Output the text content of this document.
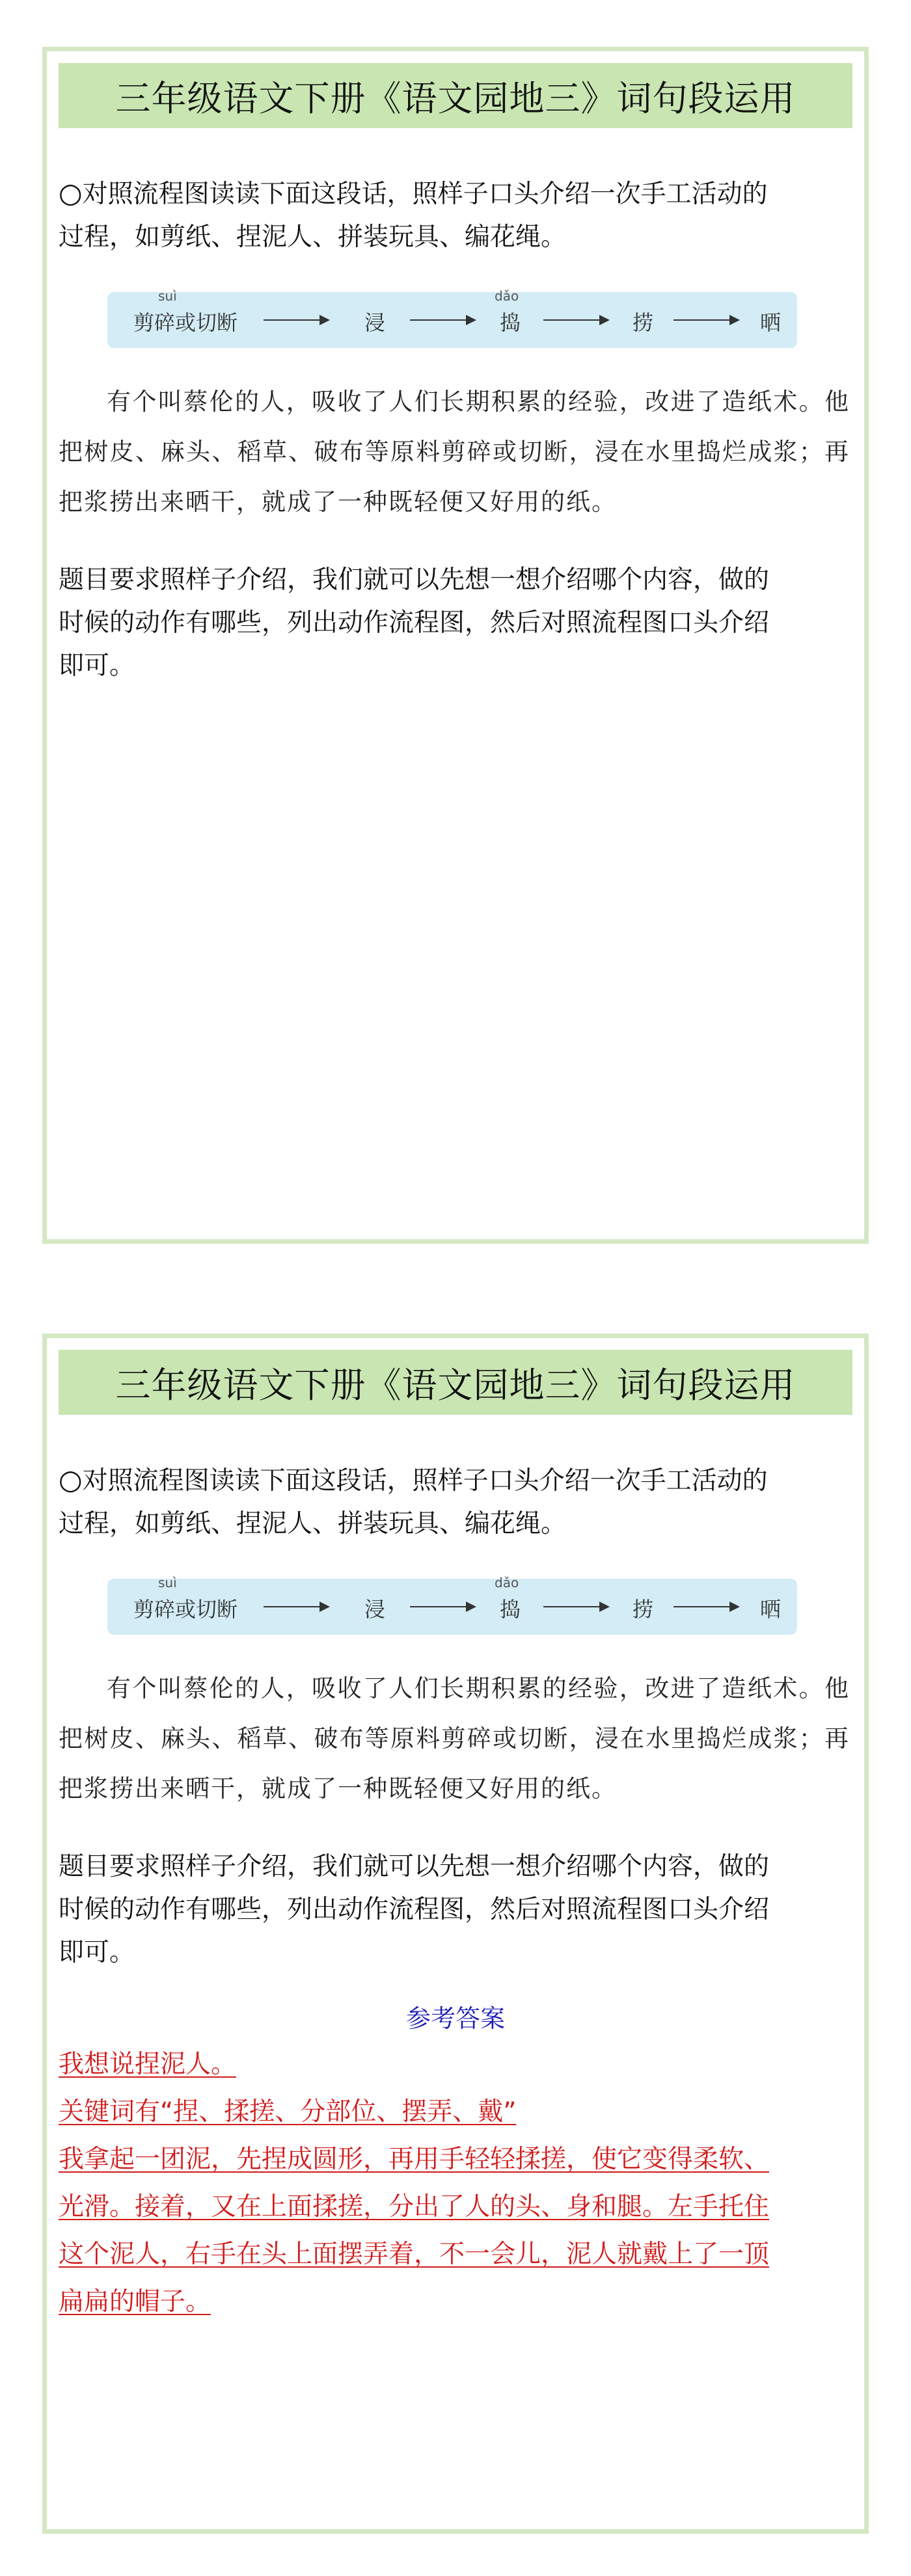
三年级语文下册《语文园地三》词句段运用

○对照流程图读读下面这段话，照样子口头介绍一次手工活动的
过程，如剪纸、捏泥人、拼装玩具、编花绳。

suì
剪碎或切断	浸
dǎo
捣	捞	晒

有个叫蔡伦的人，吸收了人们长期积累的经验，改进了造纸术。他把树皮、麻头、稻草、破布等原料剪碎或切断，浸在水里捣烂成浆；再把浆捞出来晒干，就成了一种既轻便又好用的纸。

题目要求照样子介绍，我们就可以先想一想介绍哪个内容，做的
时候的动作有哪些，列出动作流程图，然后对照流程图口头介绍
即可。

三年级语文下册《语文园地三》词句段运用

○对照流程图读读下面这段话，照样子口头介绍一次手工活动的
过程，如剪纸、捏泥人、拼装玩具、编花绳。

suì
剪碎或切断	浸
dǎo
捣	捞	晒

有个叫蔡伦的人，吸收了人们长期积累的经验，改进了造纸术。他把树皮、麻头、稻草、破布等原料剪碎或切断，浸在水里捣烂成浆；再把浆捞出来晒干，就成了一种既轻便又好用的纸。

题目要求照样子介绍，我们就可以先想一想介绍哪个内容，做的
时候的动作有哪些，列出动作流程图，然后对照流程图口头介绍
即可。

参考答案

我想说捏泥人。
关键词有“捏、揉搓、分部位、摆弄、戴”
我拿起一团泥，先捏成圆形，再用手轻轻揉搓，使它变得柔软、
光滑。接着，又在上面揉搓，分出了人的头、身和腿。左手托住
这个泥人，右手在头上面摆弄着，不一会儿，泥人就戴上了一顶
扁扁的帽子。
